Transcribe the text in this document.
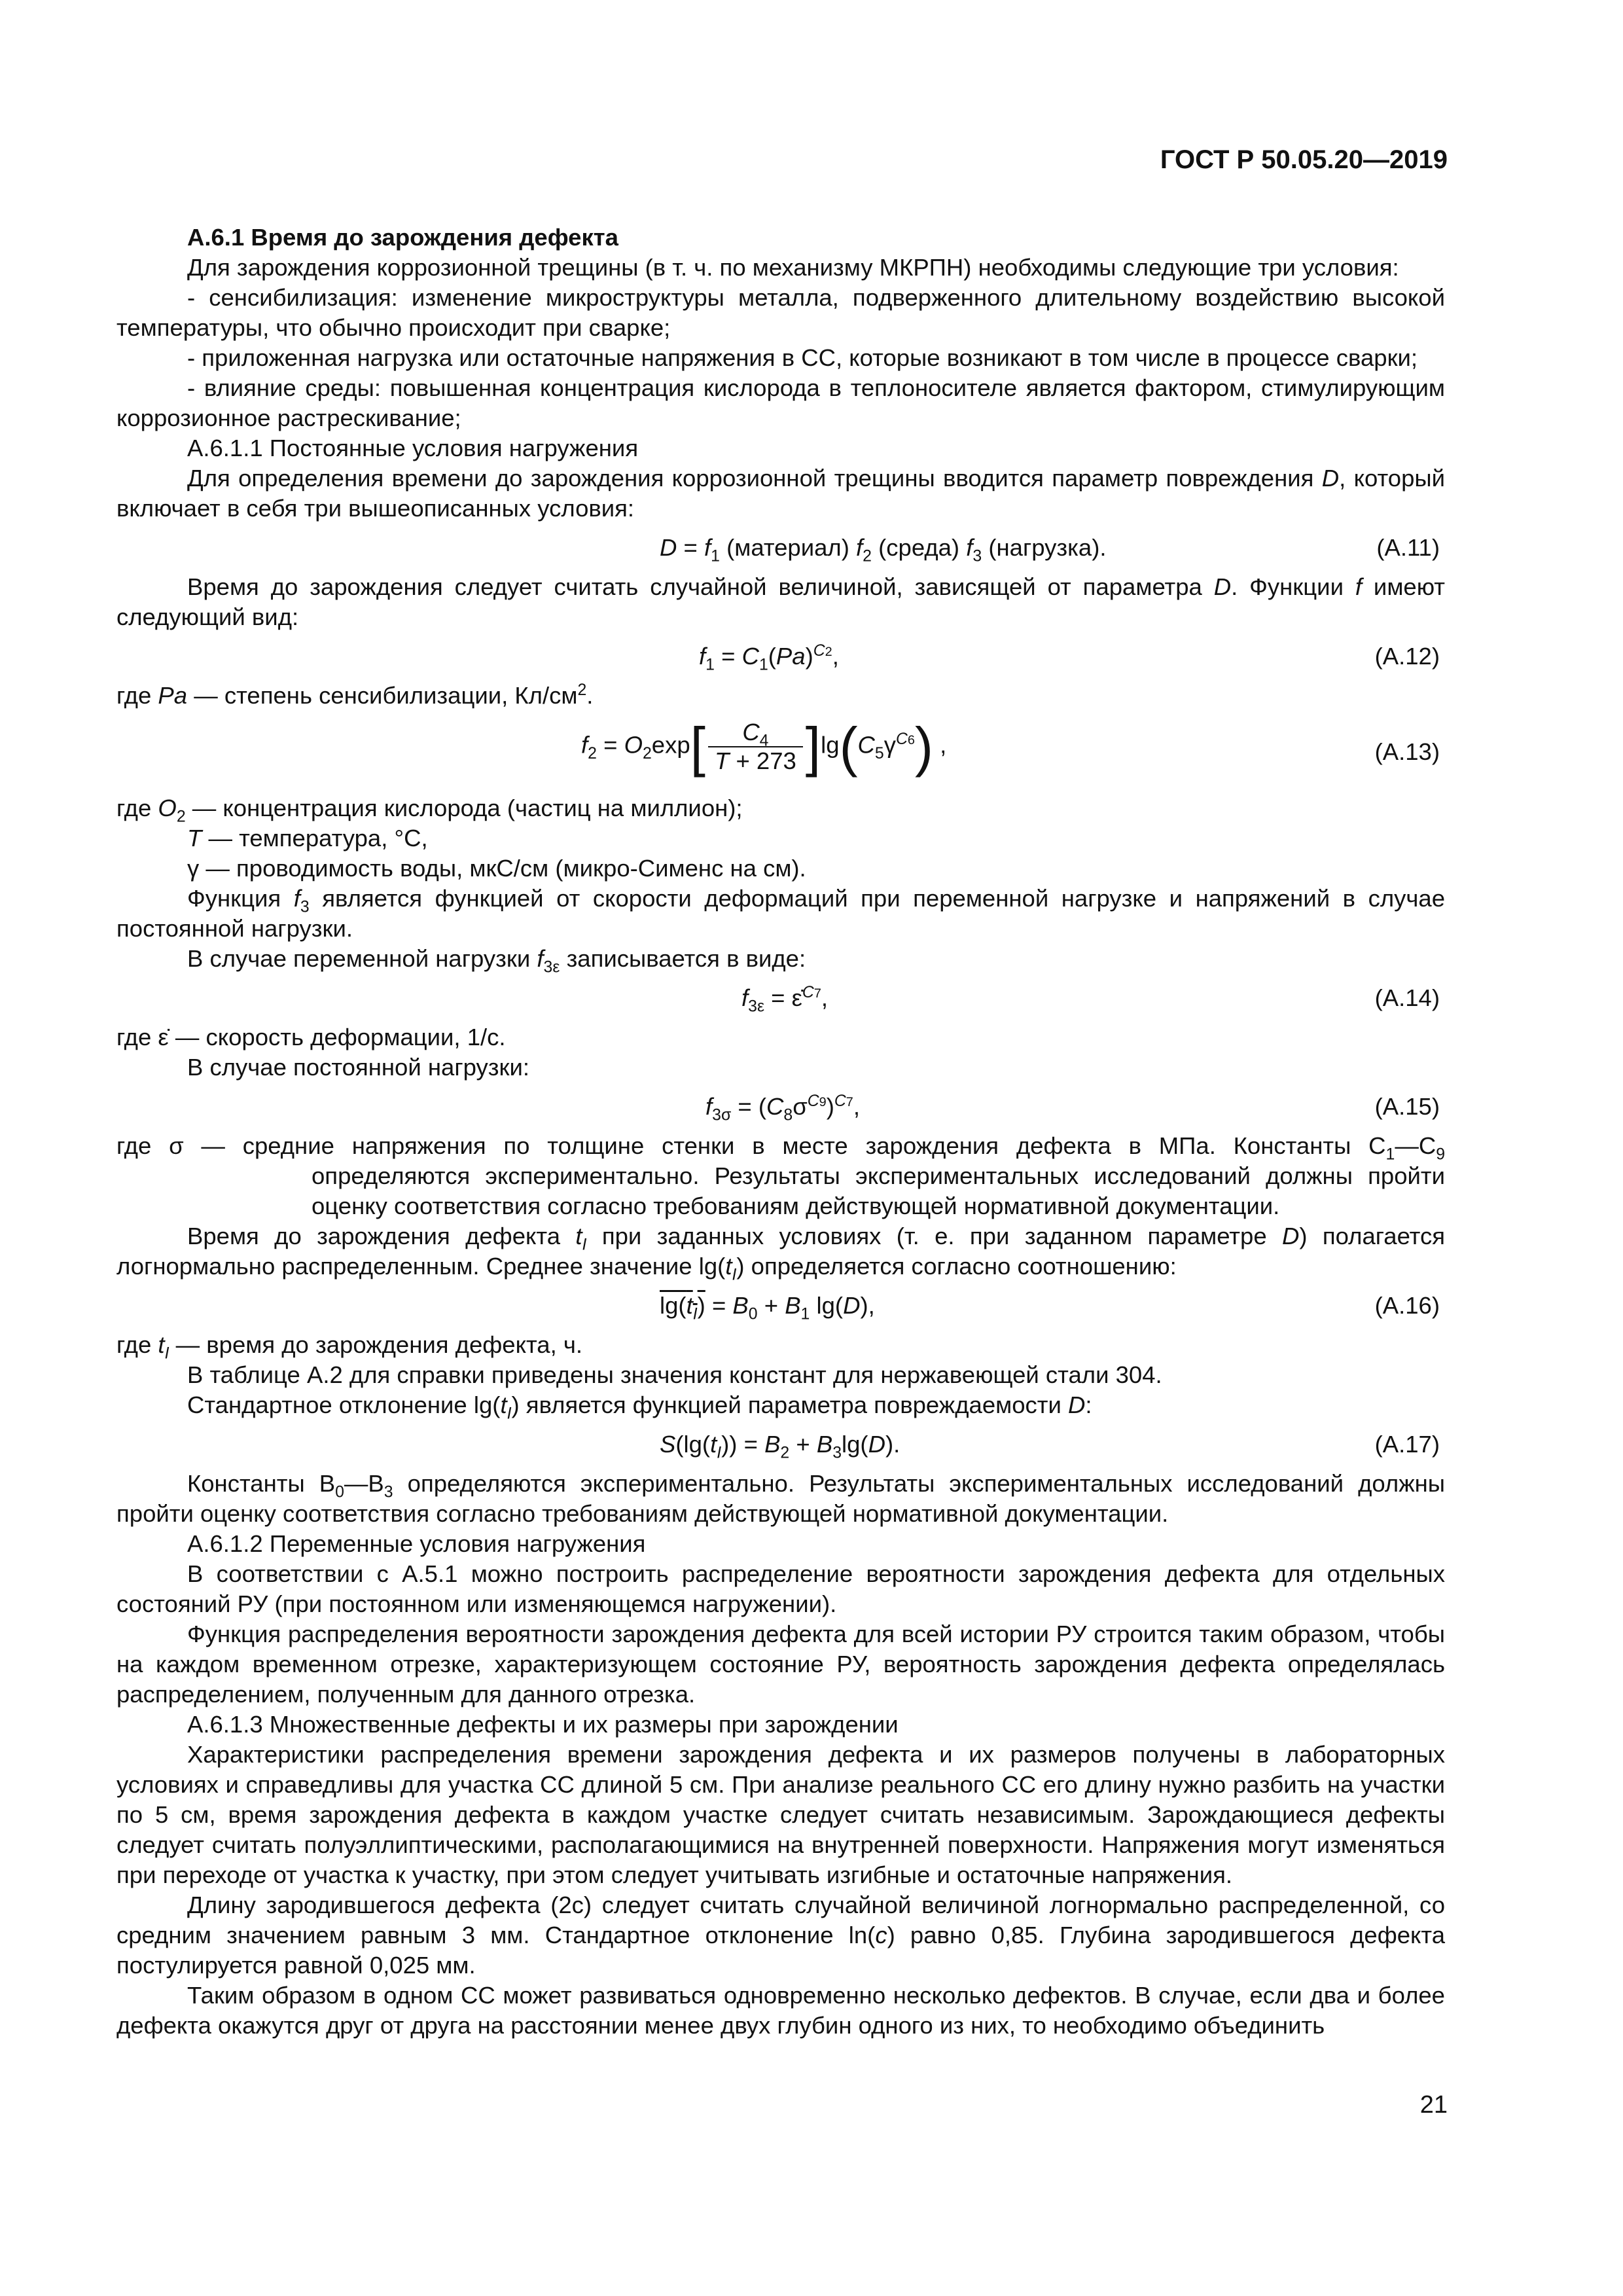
ГОСТ Р 50.05.20—2019

А.6.1 Время до зарождения дефекта

Для зарождения коррозионной трещины (в т. ч. по механизму МКРПН) необходимы следующие три условия:

- сенсибилизация: изменение микроструктуры металла, подверженного длительному воздействию высокой температуры, что обычно происходит при сварке;

- приложенная нагрузка или остаточные напряжения в СС, которые возникают в том числе в процессе сварки;

- влияние среды: повышенная концентрация кислорода в теплоносителе является фактором, стимулирующим коррозионное растрескивание;

А.6.1.1 Постоянные условия нагружения

Для определения времени до зарождения коррозионной трещины вводится параметр повреждения D, который включает в себя три вышеописанных условия:

$D = f_1$ (материал) $f_2$ (среда) $f_3$ (нагрузка).	(А.11)

Время до зарождения следует считать случайной величиной, зависящей от параметра D. Функции f имеют следующий вид:

$f_1 = C_1(Pa)^{C2}$,	(А.12)

где Pa — степень сенсибилизации, $Кл/см^2$.

$f_2 = O_2\exp[ \frac{C_4}{T + 273} ]\lg(C_5\gamma^{C6})$ ,	(А.13)

где $O_2$ — концентрация кислорода (частиц на миллион);

T — температура, °С,

γ — проводимость воды, мкС/см (микро-Сименс на см).

Функция $f_3$ является функцией от скорости деформаций при переменной нагрузке и напряжений в случае постоянной нагрузки.

В случае переменной нагрузки $f_{3\varepsilon}$ записывается в виде:

$f_{3\varepsilon}$ = ε̇$^{C7}$,	(А.14)

где ε̇ — скорость деформации, 1/с.

В случае постоянной нагрузки:

$f_{3\sigma} = (C_8\sigma^{C9})^{C7}$,	(А.15)

где σ — средние напряжения по толщине стенки в месте зарождения дефекта в МПа. Константы $С_1—С_9$ определяются экспериментально. Результаты экспериментальных исследований должны пройти оценку соответствия согласно требованиям действующей нормативной документации.

Время до зарождения дефекта $t_I$ при заданных условиях (т. е. при заданном параметре D) полагается логнормально распределенным. Среднее значение $\lg(t_I)$ определяется согласно соотношению:

$\lg(t_I) = B_0 + B_1$ lg(D),	(А.16)

где $t_I$ — время до зарождения дефекта, ч.

В таблице А.2 для справки приведены значения констант для нержавеющей стали 304.

Стандартное отклонение $\lg(t_I)$ является функцией параметра повреждаемости D:

$S(\lg(t_I)) = B_2 + B_3\lg(D)$.	(А.17)

Константы $В_0—В_3$ определяются экспериментально. Результаты экспериментальных исследований должны пройти оценку соответствия согласно требованиям действующей нормативной документации.

А.6.1.2 Переменные условия нагружения

В соответствии с А.5.1 можно построить распределение вероятности зарождения дефекта для отдельных состояний РУ (при постоянном или изменяющемся нагружении).

Функция распределения вероятности зарождения дефекта для всей истории РУ строится таким образом, чтобы на каждом временном отрезке, характеризующем состояние РУ, вероятность зарождения дефекта определялась распределением, полученным для данного отрезка.

А.6.1.3 Множественные дефекты и их размеры при зарождении

Характеристики распределения времени зарождения дефекта и их размеров получены в лабораторных условиях и справедливы для участка СС длиной 5 см. При анализе реального СС его длину нужно разбить на участки по 5 см, время зарождения дефекта в каждом участке следует считать независимым. Зарождающиеся дефекты следует считать полуэллиптическими, располагающимися на внутренней поверхности. Напряжения могут изменяться при переходе от участка к участку, при этом следует учитывать изгибные и остаточные напряжения.

Длину зародившегося дефекта (2с) следует считать случайной величиной логнормально распределенной, со средним значением равным 3 мм. Стандартное отклонение ln(c) равно 0,85. Глубина зародившегося дефекта постулируется равной 0,025 мм.

Таким образом в одном СС может развиваться одновременно несколько дефектов. В случае, если два и более дефекта окажутся друг от друга на расстоянии менее двух глубин одного из них, то необходимо объединить

21
